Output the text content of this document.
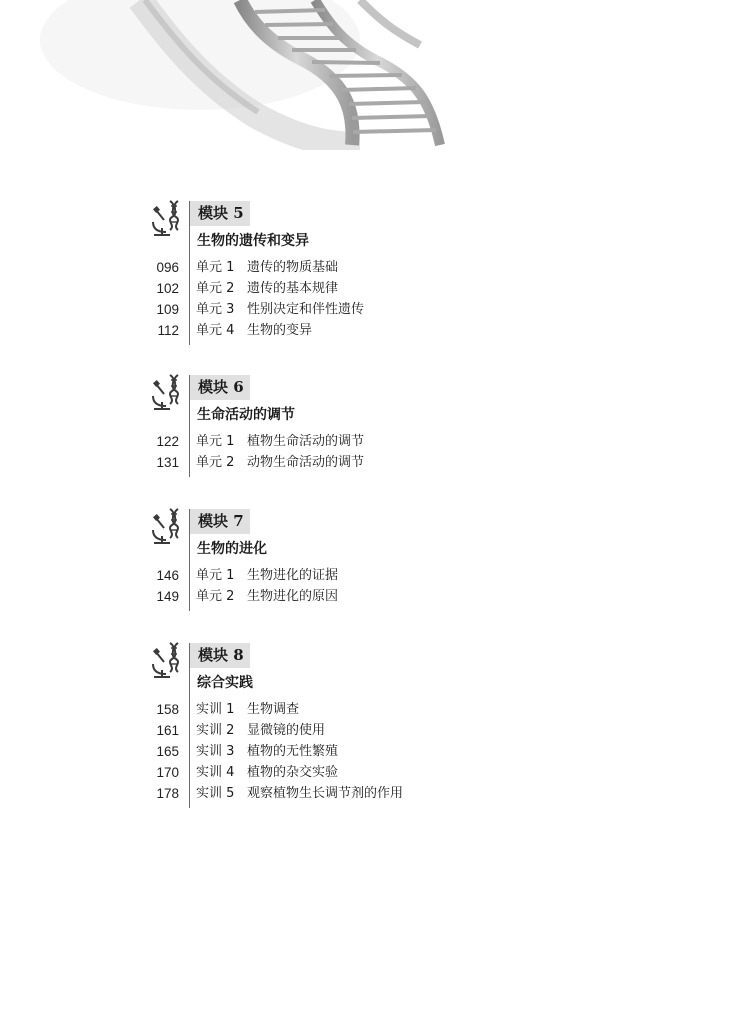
模块 5
生物的遗传和变异
096 单元 1 遗传的物质基础
102 单元 2 遗传的基本规律
109 单元 3 性别决定和伴性遗传
112 单元 4 生物的变异
模块 6
生命活动的调节
122 单元 1 植物生命活动的调节
131 单元 2 动物生命活动的调节
模块 7
生物的进化
146 单元 1 生物进化的证据
149 单元 2 生物进化的原因
模块 8
综合实践
158 实训 1 生物调查
161 实训 2 显微镜的使用
165 实训 3 植物的无性繁殖
170 实训 4 植物的杂交实验
178 实训 5 观察植物生长调节剂的作用
